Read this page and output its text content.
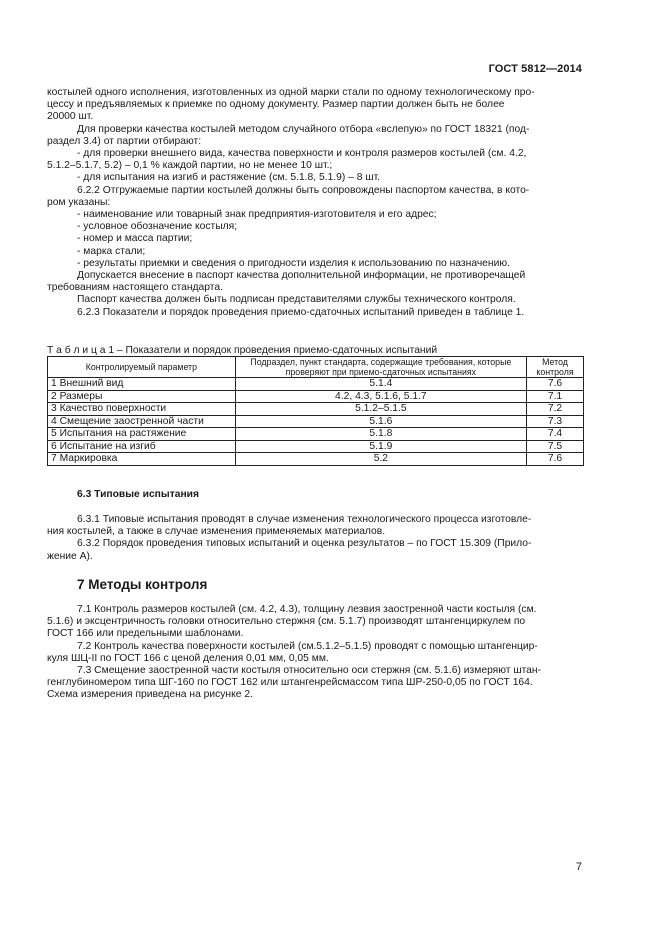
ГОСТ 5812—2014
костылей одного исполнения, изготовленных из одной марки стали по одному технологическому про-
цессу и предъявляемых к приемке по одному документу. Размер партии должен быть не более
20000 шт.
Для проверки качества костылей методом случайного отбора «вслепую» по ГОСТ 18321 (под-
раздел 3.4) от партии отбирают:
- для проверки внешнего вида, качества поверхности и контроля размеров костылей (см. 4.2,
5.1.2–5.1.7, 5.2) – 0,1 % каждой партии, но не менее 10 шт.;
- для испытания на изгиб и растяжение (см. 5.1.8, 5.1.9) – 8 шт.
6.2.2 Отгружаемые партии костылей должны быть сопровождены паспортом качества, в кото-
ром указаны:
- наименование или товарный знак предприятия-изготовителя и его адрес;
- условное обозначение костыля;
- номер и масса партии;
- марка стали;
- результаты приемки и сведения о пригодности изделия к использованию по назначению.
Допускается внесение в паспорт качества дополнительной информации, не противоречащей
требованиям настоящего стандарта.
Паспорт качества должен быть подписан представителями службы технического контроля.
6.2.3 Показатели и порядок проведения приемо-сдаточных испытаний приведен в таблице 1.
Т а б л и ц а 1 – Показатели и порядок проведения приемо-сдаточных испытаний
Контролируемый параметр	Подраздел, пункт стандарта, содержащие требования, которые проверяют при приемо-сдаточных испытаниях	Метод контроля
1 Внешний вид	5.1.4	7.6
2 Размеры	4.2, 4.3, 5.1.6, 5.1.7	7.1
3 Качество поверхности	5.1.2–5.1.5	7.2
4 Смещение заостренной части	5.1.6	7.3
5 Испытания на растяжение	5.1.8	7.4
6 Испытание на изгиб	5.1.9	7.5
7 Маркировка	5.2	7.6
6.3 Типовые испытания
6.3.1 Типовые испытания проводят в случае изменения технологического процесса изготовле-
ния костылей, а также в случае изменения применяемых материалов.
6.3.2 Порядок проведения типовых испытаний и оценка результатов – по ГОСТ 15.309 (Прило-
жение А).
7 Методы контроля
7.1 Контроль размеров костылей (см. 4.2, 4.3), толщину лезвия заостренной части костыля (см.
5.1.6) и эксцентричность головки относительно стержня (см. 5.1.7) производят штангенциркулем по
ГОСТ 166 или предельными шаблонами.
7.2 Контроль качества поверхности костылей (см.5.1.2–5.1.5) проводят с помощью штангенцир-
куля ШЦ-II по ГОСТ 166 с ценой деления 0,01 мм, 0,05 мм.
7.3 Смещение заостренной части костыля относительно оси стержня (см. 5.1.6) измеряют штан-
генглубиномером типа ШГ-160 по ГОСТ 162 или штангенрейсмассом типа ШР-250-0,05 по ГОСТ 164.
Схема измерения приведена на рисунке 2.
7
